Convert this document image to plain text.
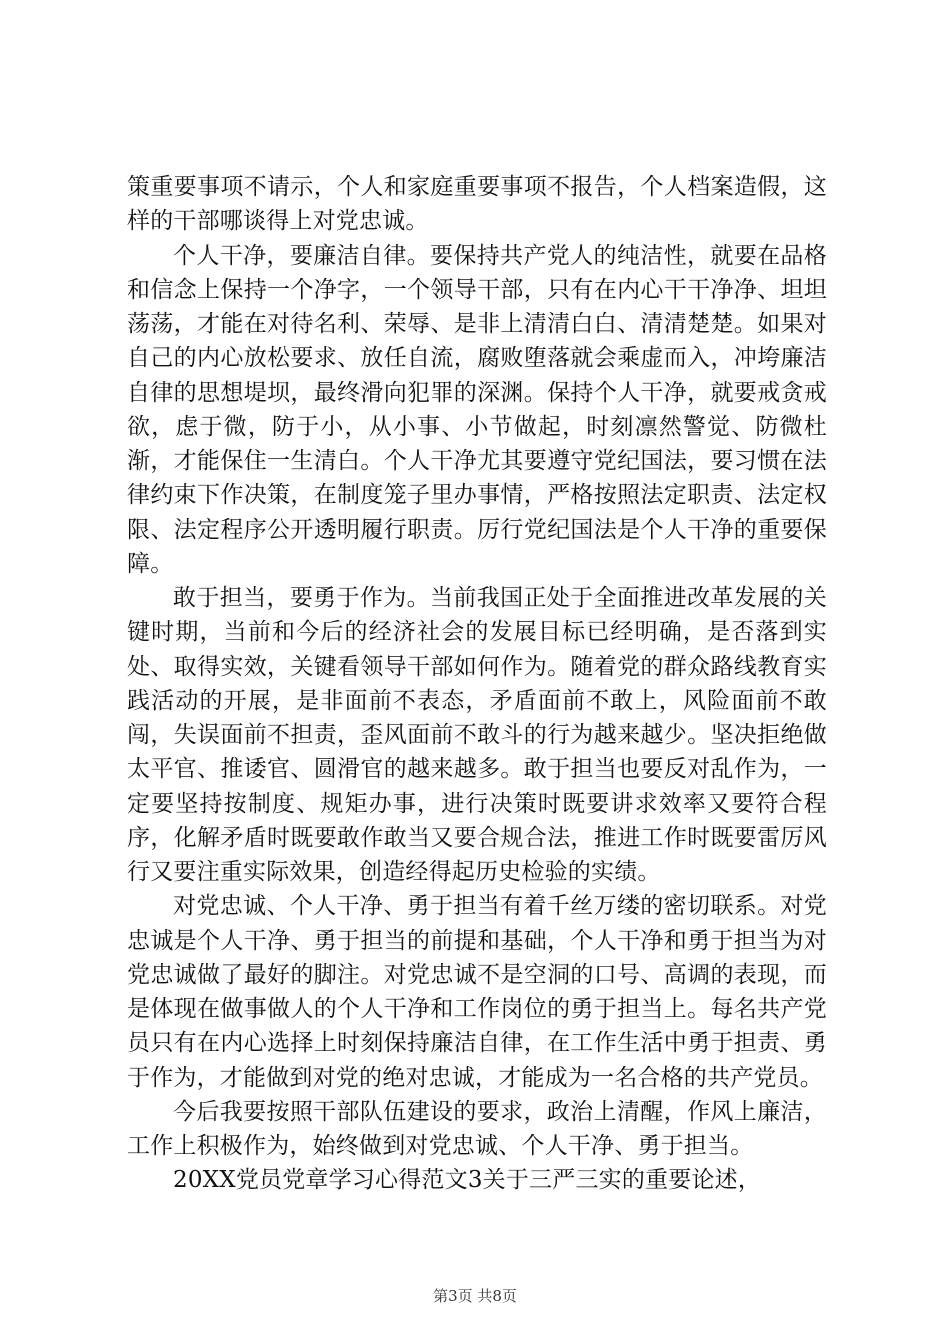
策重要事项不请示，个人和家庭重要事项不报告，个人档案造假，这样的干部哪谈得上对党忠诚。

个人干净，要廉洁自律。要保持共产党人的纯洁性，就要在品格和信念上保持一个净字，一个领导干部，只有在内心干干净净、坦坦荡荡，才能在对待名利、荣辱、是非上清清白白、清清楚楚。如果对自己的内心放松要求、放任自流，腐败堕落就会乘虚而入，冲垮廉洁自律的思想堤坝，最终滑向犯罪的深渊。保持个人干净，就要戒贪戒欲，虑于微，防于小，从小事、小节做起，时刻凛然警觉、防微杜渐，才能保住一生清白。个人干净尤其要遵守党纪国法，要习惯在法律约束下作决策，在制度笼子里办事情，严格按照法定职责、法定权限、法定程序公开透明履行职责。厉行党纪国法是个人干净的重要保障。

敢于担当，要勇于作为。当前我国正处于全面推进改革发展的关键时期，当前和今后的经济社会的发展目标已经明确，是否落到实处、取得实效，关键看领导干部如何作为。随着党的群众路线教育实践活动的开展，是非面前不表态，矛盾面前不敢上，风险面前不敢闯，失误面前不担责，歪风面前不敢斗的行为越来越少。坚决拒绝做太平官、推诿官、圆滑官的越来越多。敢于担当也要反对乱作为，一定要坚持按制度、规矩办事，进行决策时既要讲求效率又要符合程序，化解矛盾时既要敢作敢当又要合规合法，推进工作时既要雷厉风行又要注重实际效果，创造经得起历史检验的实绩。

对党忠诚、个人干净、勇于担当有着千丝万缕的密切联系。对党忠诚是个人干净、勇于担当的前提和基础，个人干净和勇于担当为对党忠诚做了最好的脚注。对党忠诚不是空洞的口号、高调的表现，而是体现在做事做人的个人干净和工作岗位的勇于担当上。每名共产党员只有在内心选择上时刻保持廉洁自律，在工作生活中勇于担责、勇于作为，才能做到对党的绝对忠诚，才能成为一名合格的共产党员。

今后我要按照干部队伍建设的要求，政治上清醒，作风上廉洁，工作上积极作为，始终做到对党忠诚、个人干净、勇于担当。

20XX党员党章学习心得范文3关于三严三实的重要论述，

第3页 共8页
